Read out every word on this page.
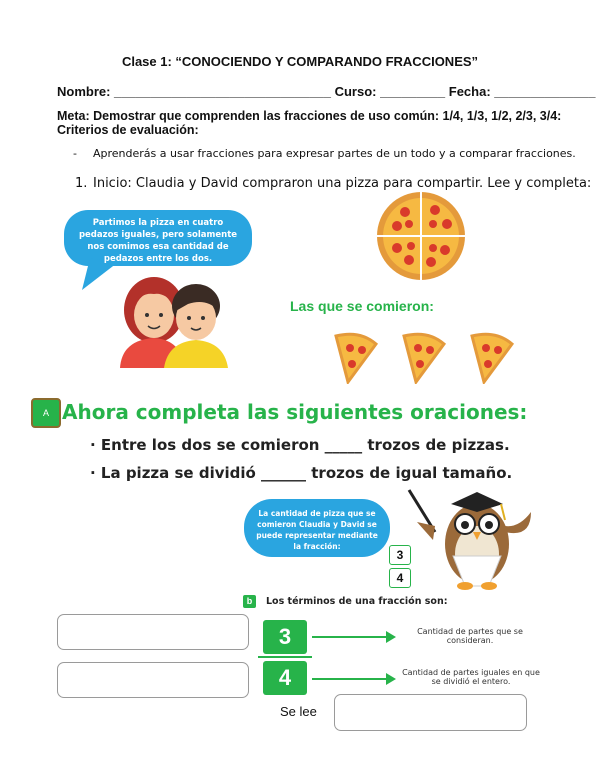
Clase 1: “CONOCIENDO Y COMPARANDO FRACCIONES”
Nombre: ______________________________ Curso: _________ Fecha: ______________
Meta: Demostrar que comprenden las fracciones de uso común: 1/4, 1/3, 1/2, 2/3, 3/4:
Criterios de evaluación:
- Aprenderás a usar fracciones para expresar partes de un todo y a comparar fracciones.
1. Inicio: Claudia y David compraron una pizza para compartir. Lee y completa:
Partimos la pizza en cuatro pedazos iguales, pero solamente nos comimos esa cantidad de pedazos entre los dos.
Las que se comieron:
A Ahora completa las siguientes oraciones:
· Entre los dos se comieron _____ trozos de pizzas.
· La pizza se dividió ______ trozos de igual tamaño.
La cantidad de pizza que se comieron Claudia y David se puede representar mediante la fracción:
3
4
b	Los términos de una fracción son:
3
4
Cantidad de partes que se consideran.
Cantidad de partes iguales en que se dividió el entero.
Se lee
